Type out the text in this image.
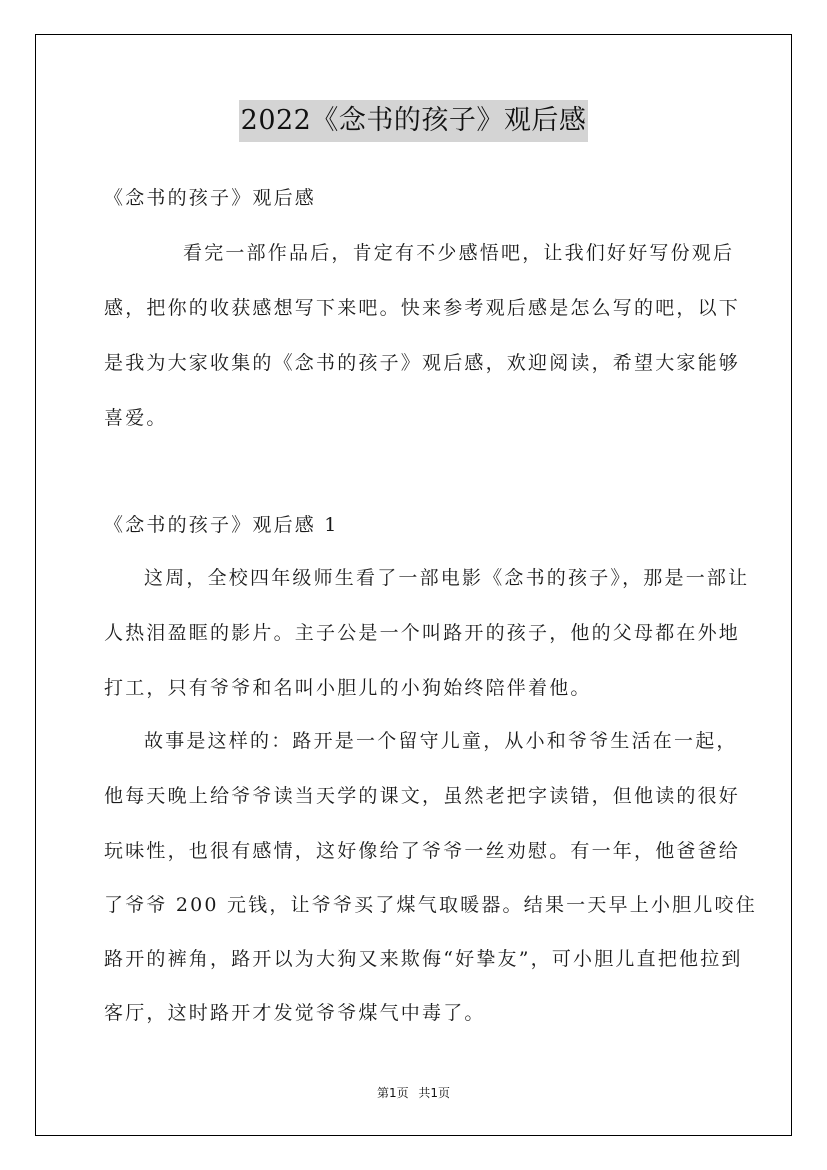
2022《念书的孩子》观后感
《念书的孩子》观后感
看完一部作品后，肯定有不少感悟吧，让我们好好写份观后
感，把你的收获感想写下来吧。快来参考观后感是怎么写的吧，以下
是我为大家收集的《念书的孩子》观后感，欢迎阅读，希望大家能够
喜爱。
《念书的孩子》观后感 1
这周，全校四年级师生看了一部电影《念书的孩子》，那是一部让
人热泪盈眶的影片。主子公是一个叫路开的孩子，他的父母都在外地
打工，只有爷爷和名叫小胆儿的小狗始终陪伴着他。
故事是这样的：路开是一个留守儿童，从小和爷爷生活在一起，
他每天晚上给爷爷读当天学的课文，虽然老把字读错，但他读的很好
玩味性，也很有感情，这好像给了爷爷一丝劝慰。有一年，他爸爸给
了爷爷 200 元钱，让爷爷买了煤气取暖器。结果一天早上小胆儿咬住
路开的裤角，路开以为大狗又来欺侮“好挚友”，可小胆儿直把他拉到
客厅，这时路开才发觉爷爷煤气中毒了。
第1页 共1页
